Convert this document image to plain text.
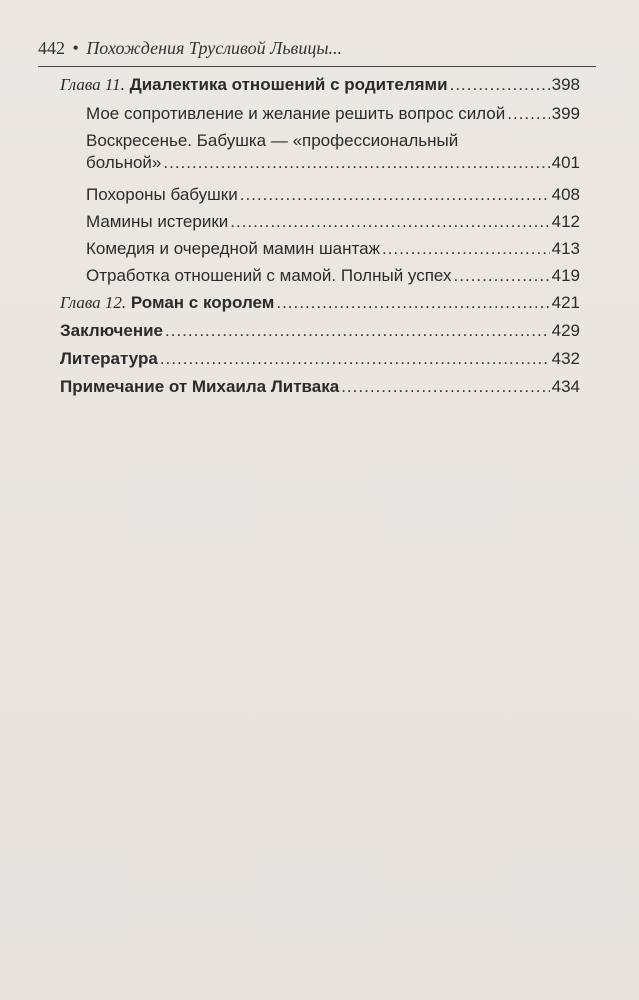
442 • Похождения Трусливой Львицы...
Глава 11. Диалектика отношений с родителями .....	398
Мое сопротивление и желание решить вопрос силой .....	399
Воскресенье. Бабушка — «профессиональный
больной» .....	401
Похороны бабушки .....	408
Мамины истерики .....	412
Комедия и очередной мамин шантаж .....	413
Отработка отношений с мамой. Полный успех .....	419
Глава 12. Роман с королем .....	421
Заключение .....	429
Литература .....	432
Примечание от Михаила Литвака .....	434
